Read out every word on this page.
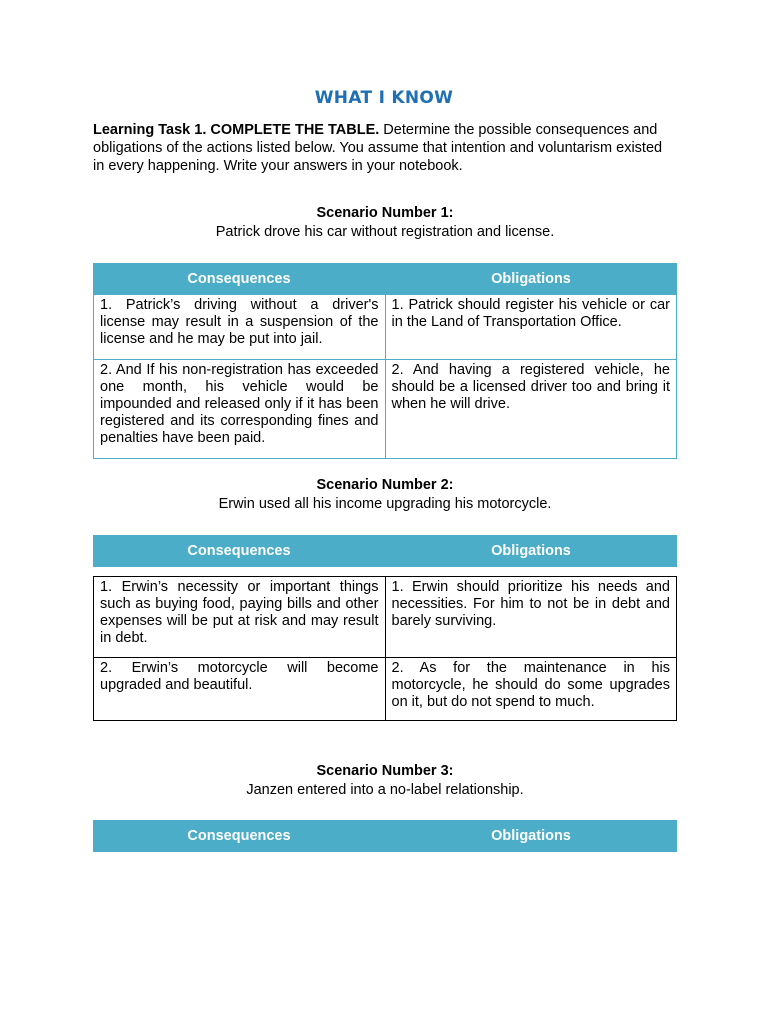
WHAT I KNOW
Learning Task 1. COMPLETE THE TABLE. Determine the possible consequences and obligations of the actions listed below. You assume that intention and voluntarism existed in every happening. Write your answers in your notebook.
Scenario Number 1:
Patrick drove his car without registration and license.
Consequences	Obligations
1. Patrick’s driving without a driver's license may result in a suspension of the license and he may be put into jail.	1. Patrick should register his vehicle or car in the Land of Transportation Office.
2. And If his non-registration has exceeded one month, his vehicle would be impounded and released only if it has been registered and its corresponding fines and penalties have been paid.	2. And having a registered vehicle, he should be a licensed driver too and bring it when he will drive.
Scenario Number 2:
Erwin used all his income upgrading his motorcycle.
Consequences	Obligations
1. Erwin’s necessity or important things such as buying food, paying bills and other expenses will be put at risk and may result in debt.	1. Erwin should prioritize his needs and necessities. For him to not be in debt and barely surviving.
2. Erwin’s motorcycle will become upgraded and beautiful.	2. As for the maintenance in his motorcycle, he should do some upgrades on it, but do not spend to much.
Scenario Number 3:
Janzen entered into a no-label relationship.
Consequences	Obligations
